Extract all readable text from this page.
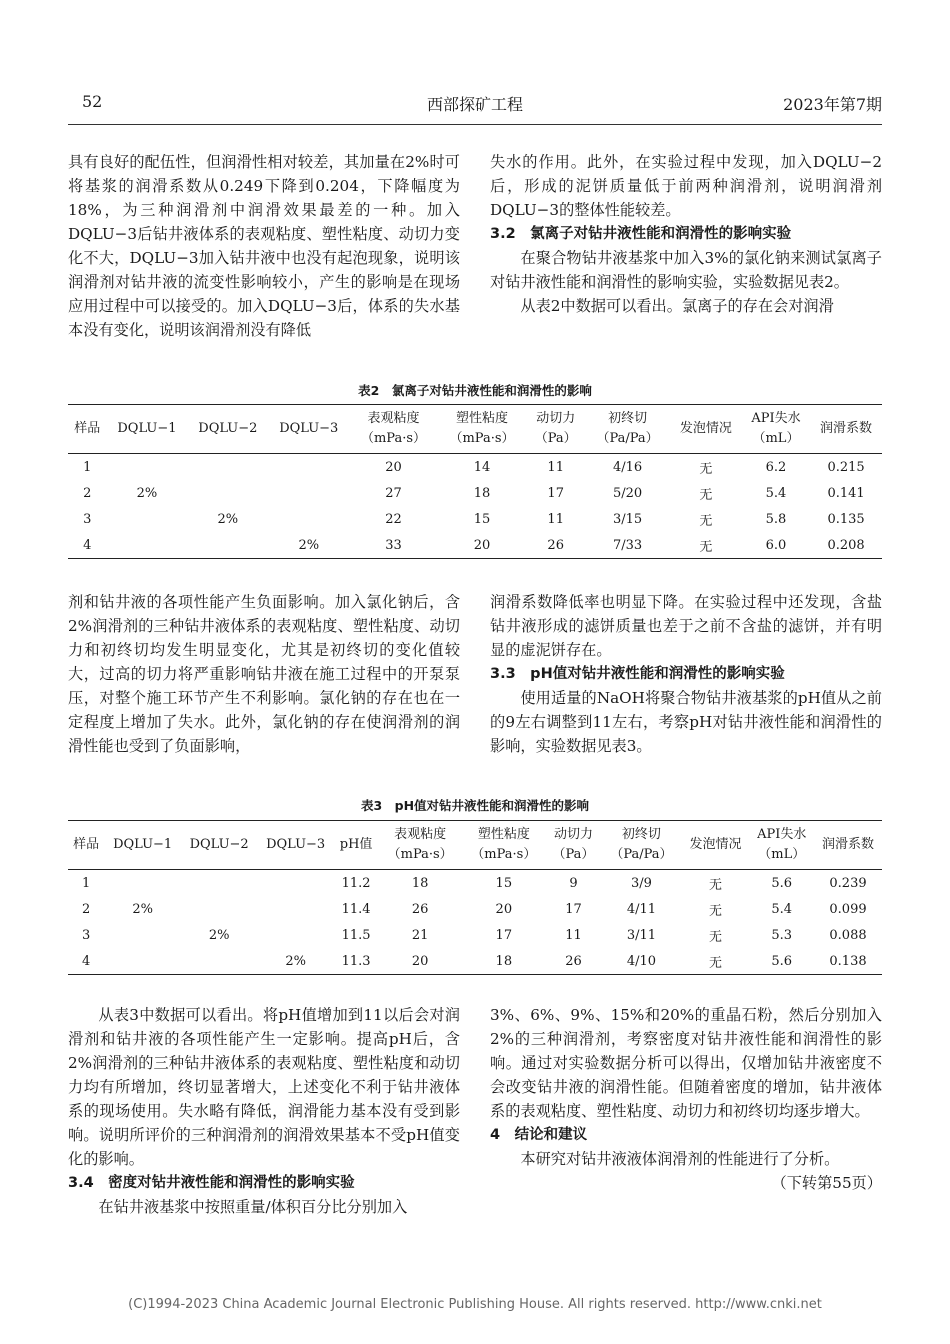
52	西部探矿工程	2023年第7期

具有良好的配伍性，但润滑性相对较差，其加量在2%时可将基浆的润滑系数从0.249下降到0.204，下降幅度为18%，为三种润滑剂中润滑效果最差的一种。加入DQLU−3后钻井液体系的表观粘度、塑性粘度、动切力变化不大，DQLU−3加入钻井液中也没有起泡现象，说明该润滑剂对钻井液的流变性影响较小，产生的影响是在现场应用过程中可以接受的。加入DQLU−3后，体系的失水基本没有变化，说明该润滑剂没有降低

失水的作用。此外，在实验过程中发现，加入DQLU−2后，形成的泥饼质量低于前两种润滑剂，说明润滑剂DQLU−3的整体性能较差。

3.2　氯离子对钻井液性能和润滑性的影响实验

在聚合物钻井液基浆中加入3%的氯化钠来测试氯离子对钻井液性能和润滑性的影响实验，实验数据见表2。

从表2中数据可以看出。氯离子的存在会对润滑

表2　氯离子对钻井液性能和润滑性的影响
样品	DQLU−1	DQLU−2	DQLU−3	表观粘度
（mPa·s）	塑性粘度
（mPa·s）	动切力
（Pa）	初终切
（Pa/Pa）	发泡情况	API失水
（mL）	润滑系数
1				20	14	11	4/16	无	6.2	0.215
2	2%			27	18	17	5/20	无	5.4	0.141
3		2%		22	15	11	3/15	无	5.8	0.135
4			2%	33	20	26	7/33	无	6.0	0.208

剂和钻井液的各项性能产生负面影响。加入氯化钠后，含2%润滑剂的三种钻井液体系的表观粘度、塑性粘度、动切力和初终切均发生明显变化，尤其是初终切的变化值较大，过高的切力将严重影响钻井液在施工过程中的开泵泵压，对整个施工环节产生不利影响。氯化钠的存在也在一定程度上增加了失水。此外，氯化钠的存在使润滑剂的润滑性能也受到了负面影响，

润滑系数降低率也明显下降。在实验过程中还发现，含盐钻井液形成的滤饼质量也差于之前不含盐的滤饼，并有明显的虚泥饼存在。

3.3　pH值对钻井液性能和润滑性的影响实验

使用适量的NaOH将聚合物钻井液基浆的pH值从之前的9左右调整到11左右，考察pH对钻井液性能和润滑性的影响，实验数据见表3。

表3　pH值对钻井液性能和润滑性的影响
样品	DQLU−1	DQLU−2	DQLU−3	pH值	表观粘度
（mPa·s）	塑性粘度
（mPa·s）	动切力
（Pa）	初终切
（Pa/Pa）	发泡情况	API失水
（mL）	润滑系数
1				11.2	18	15	9	3/9	无	5.6	0.239
2	2%			11.4	26	20	17	4/11	无	5.4	0.099
3		2%		11.5	21	17	11	3/11	无	5.3	0.088
4			2%	11.3	20	18	26	4/10	无	5.6	0.138

从表3中数据可以看出。将pH值增加到11以后会对润滑剂和钻井液的各项性能产生一定影响。提高pH后，含2%润滑剂的三种钻井液体系的表观粘度、塑性粘度和动切力均有所增加，终切显著增大，上述变化不利于钻井液体系的现场使用。失水略有降低，润滑能力基本没有受到影响。说明所评价的三种润滑剂的润滑效果基本不受pH值变化的影响。

3.4　密度对钻井液性能和润滑性的影响实验

在钻井液基浆中按照重量/体积百分比分别加入

3%、6%、9%、15%和20%的重晶石粉，然后分别加入2%的三种润滑剂，考察密度对钻井液性能和润滑性的影响。通过对实验数据分析可以得出，仅增加钻井液密度不会改变钻井液的润滑性能。但随着密度的增加，钻井液体系的表观粘度、塑性粘度、动切力和初终切均逐步增大。

4　结论和建议

本研究对钻井液液体润滑剂的性能进行了分析。

（下转第55页）

(C)1994-2023 China Academic Journal Electronic Publishing House. All rights reserved. http://www.cnki.net
